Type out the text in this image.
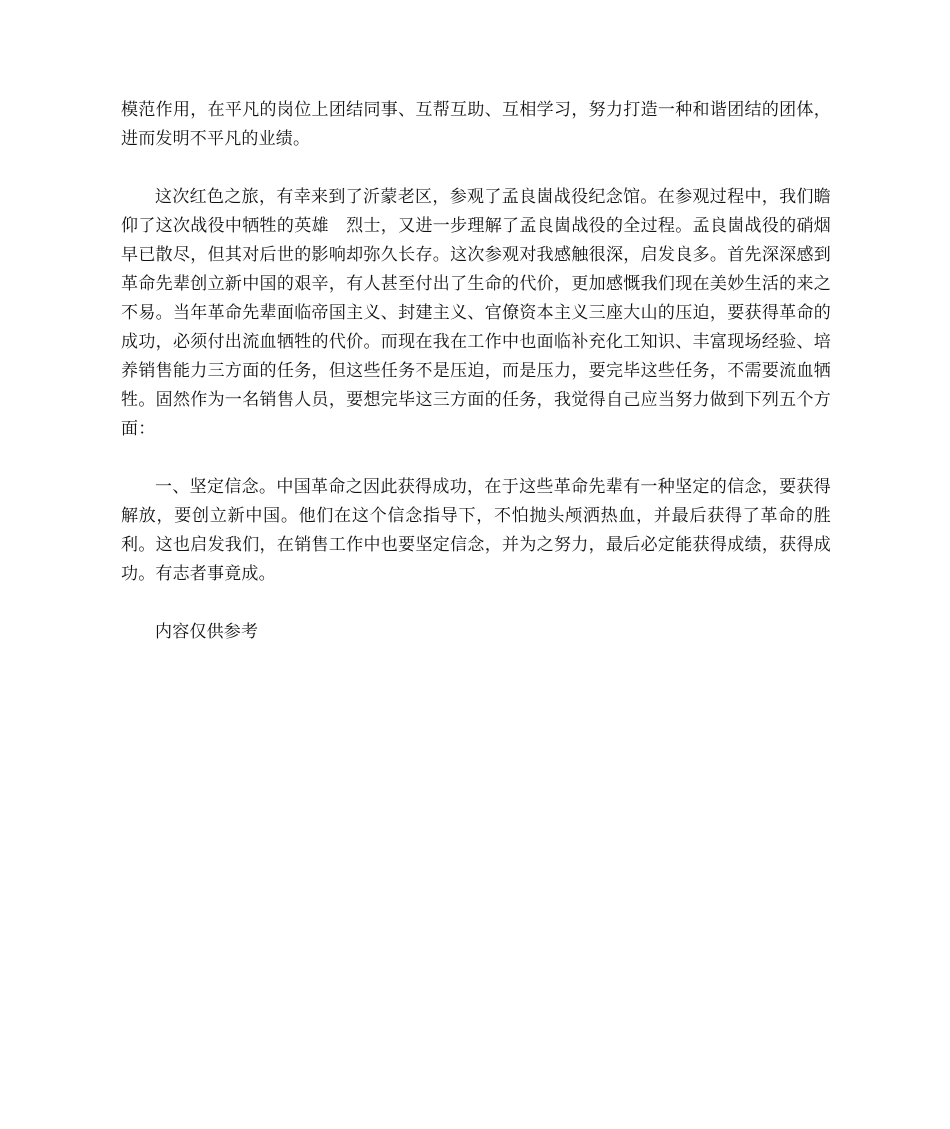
模范作用，在平凡的岗位上团结同事、互帮互助、互相学习，努力打造一种和谐团结的团体，进而发明不平凡的业绩。

这次红色之旅，有幸来到了沂蒙老区，参观了孟良崮战役纪念馆。在参观过程中，我们瞻仰了这次战役中牺牲的英雄　烈士，又进一步理解了孟良崮战役的全过程。孟良崮战役的硝烟早已散尽，但其对后世的影响却弥久长存。这次参观对我感触很深，启发良多。首先深深感到革命先辈创立新中国的艰辛，有人甚至付出了生命的代价，更加感慨我们现在美妙生活的来之不易。当年革命先辈面临帝国主义、封建主义、官僚资本主义三座大山的压迫，要获得革命的成功，必须付出流血牺牲的代价。而现在我在工作中也面临补充化工知识、丰富现场经验、培养销售能力三方面的任务，但这些任务不是压迫，而是压力，要完毕这些任务，不需要流血牺牲。固然作为一名销售人员，要想完毕这三方面的任务，我觉得自己应当努力做到下列五个方面：

一、坚定信念。中国革命之因此获得成功，在于这些革命先辈有一种坚定的信念，要获得解放，要创立新中国。他们在这个信念指导下，不怕抛头颅洒热血，并最后获得了革命的胜利。这也启发我们，在销售工作中也要坚定信念，并为之努力，最后必定能获得成绩，获得成功。有志者事竟成。

内容仅供参考
